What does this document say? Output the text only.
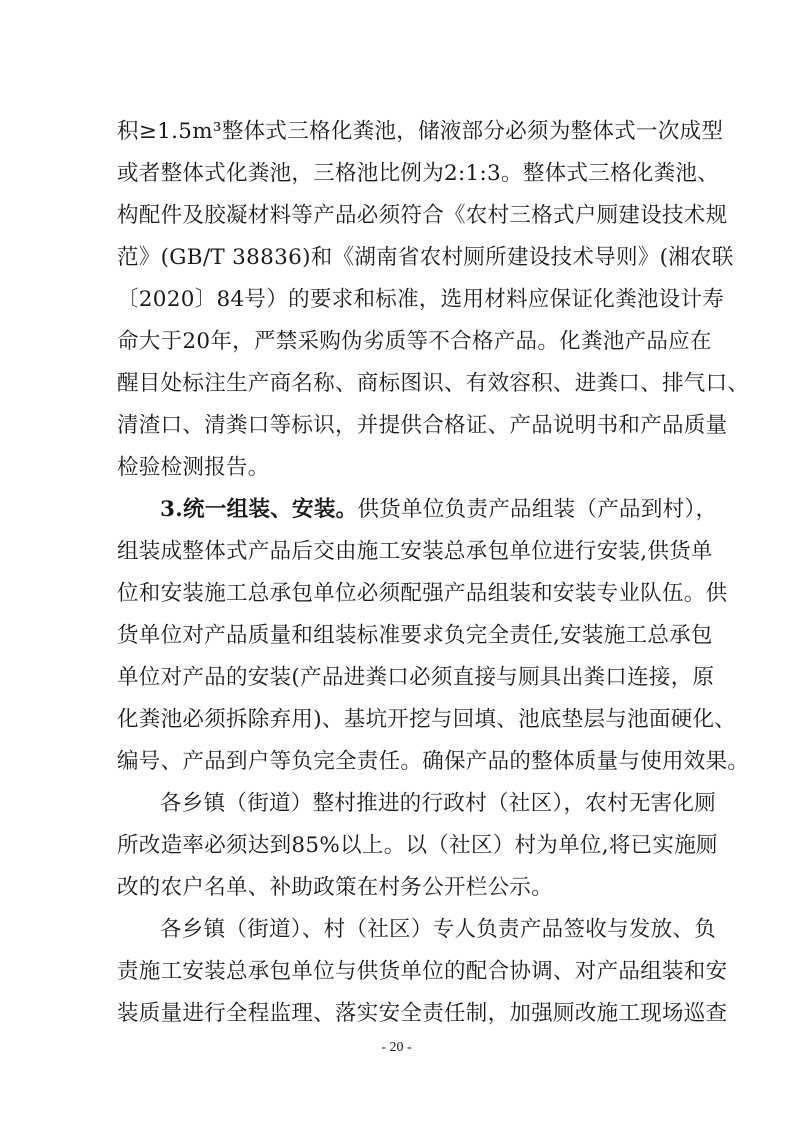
积≥1.5m³整体式三格化粪池，储液部分必须为整体式一次成型
或者整体式化粪池，三格池比例为2:1:3。整体式三格化粪池、
构配件及胶凝材料等产品必须符合《农村三格式户厕建设技术规
范》(GB/T 38836)和《湖南省农村厕所建设技术导则》(湘农联
〔2020〕84号）的要求和标准，选用材料应保证化粪池设计寿
命大于20年，严禁采购伪劣质等不合格产品。化粪池产品应在
醒目处标注生产商名称、商标图识、有效容积、进粪口、排气口、
清渣口、清粪口等标识，并提供合格证、产品说明书和产品质量
检验检测报告。
3.统一组装、安装。供货单位负责产品组装（产品到村），
组装成整体式产品后交由施工安装总承包单位进行安装,供货单
位和安装施工总承包单位必须配强产品组装和安装专业队伍。供
货单位对产品质量和组装标准要求负完全责任,安装施工总承包
单位对产品的安装(产品进粪口必须直接与厕具出粪口连接，原
化粪池必须拆除弃用)、基坑开挖与回填、池底垫层与池面硬化、
编号、产品到户等负完全责任。确保产品的整体质量与使用效果。
各乡镇（街道）整村推进的行政村（社区），农村无害化厕
所改造率必须达到85%以上。以（社区）村为单位,将已实施厕
改的农户名单、补助政策在村务公开栏公示。
各乡镇（街道）、村（社区）专人负责产品签收与发放、负
责施工安装总承包单位与供货单位的配合协调、对产品组装和安
装质量进行全程监理、落实安全责任制，加强厕改施工现场巡查
- 20 -
